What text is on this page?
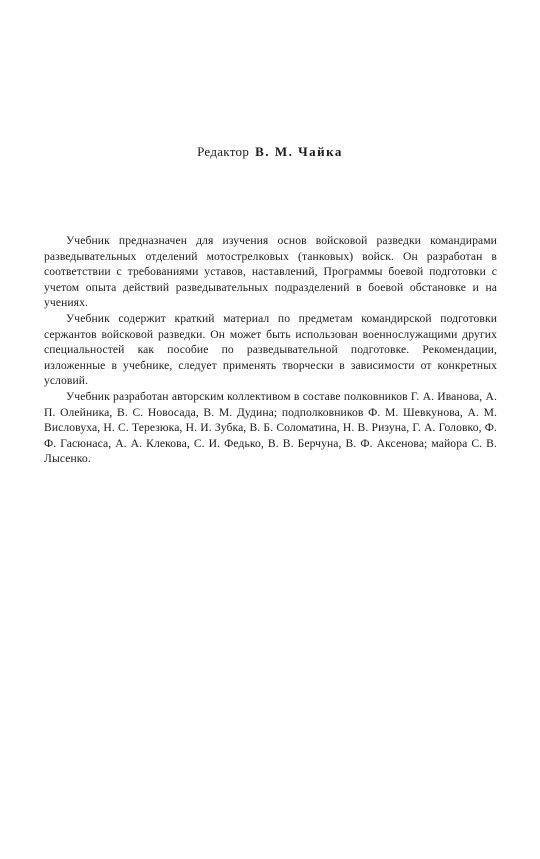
Редактор В. М. Чайка

Учебник предназначен для изучения основ войсковой разведки командирами разведывательных отделений мотострелковых (танковых) войск. Он разработан в соответствии с требованиями уставов, наставлений, Программы боевой подготовки с учетом опыта действий разведывательных подразделений в боевой обстановке и на учениях.

Учебник содержит краткий материал по предметам командирской подготовки сержантов войсковой разведки. Он может быть использован военнослужащими других специальностей как пособие по разведывательной подготовке. Рекомендации, изложенные в учебнике, следует применять творчески в зависимости от конкретных условий.

Учебник разработан авторским коллективом в составе полковников Г. А. Иванова, А. П. Олейника, В. С. Новосада, В. М. Дудина; подполковников Ф. М. Шевкунова, А. М. Висловуха, Н. С. Терезюка, Н. И. Зубка, В. Б. Соломатина, Н. В. Ризуна, Г. А. Головко, Ф. Ф. Гасюнаса, А. А. Клекова, С. И. Федько, В. В. Берчуна, В. Ф. Аксенова; майора С. В. Лысенко.
